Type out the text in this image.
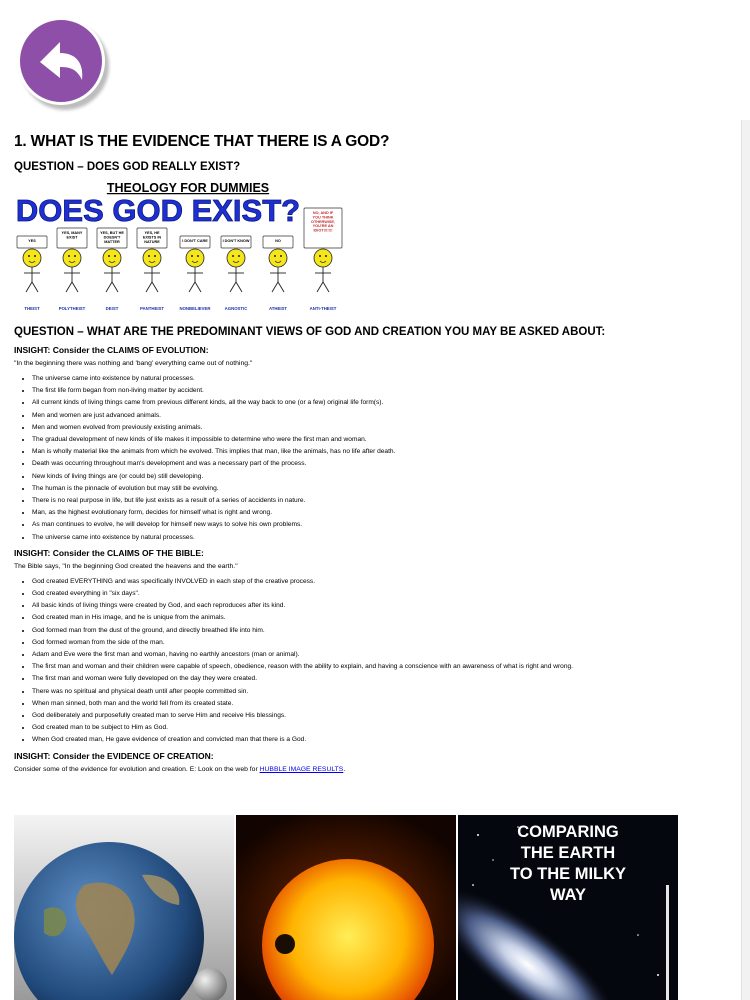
1. WHAT IS THE EVIDENCE THAT THERE IS A GOD?
QUESTION – DOES GOD REALLY EXIST?
THEOLOGY FOR DUMMIES
DOES GOD EXIST?
YES
THEIST
YES, MANY EXIST
POLYTHEIST
YES, BUT HE DOESN'T MATTER
DEIST
YES, HE EXISTS IN NATURE
PANTHEIST
I DON'T CARE
NONBELIEVER
I DON'T KNOW
AGNOSTIC
NO
ATHEIST
NO, AND IF YOU THINK OTHERWISE, YOU'RE AN IDIOT!!!!!!!
ANTI-THEIST
QUESTION – WHAT ARE THE PREDOMINANT VIEWS OF GOD AND CREATION YOU MAY BE ASKED ABOUT:
INSIGHT: Consider the CLAIMS OF EVOLUTION:
"In the beginning there was nothing and 'bang' everything came out of nothing."
• The universe came into existence by natural processes.
• The first life form began from non-living matter by accident.
• All current kinds of living things came from previous different kinds, all the way back to one (or a few) original life form(s).
• Men and women are just advanced animals.
• Men and women evolved from previously existing animals.
• The gradual development of new kinds of life makes it impossible to determine who were the first man and woman.
• Man is wholly material like the animals from which he evolved. This implies that man, like the animals, has no life after death.
• Death was occurring throughout man's development and was a necessary part of the process.
• New kinds of living things are (or could be) still developing.
• The human is the pinnacle of evolution but may still be evolving.
• There is no real purpose in life, but life just exists as a result of a series of accidents in nature.
• Man, as the highest evolutionary form, decides for himself what is right and wrong.
• As man continues to evolve, he will develop for himself new ways to solve his own problems.
• The universe came into existence by natural processes.
INSIGHT: Consider the CLAIMS OF THE BIBLE:
The Bible says, "In the beginning God created the heavens and the earth."
• God created EVERYTHING and was specifically INVOLVED in each step of the creative process.
• God created everything in "six days".
• All basic kinds of living things were created by God, and each reproduces after its kind.
• God created man in His image, and he is unique from the animals.
• God formed man from the dust of the ground, and directly breathed life into him.
• God formed woman from the side of the man.
• Adam and Eve were the first man and woman, having no earthly ancestors (man or animal).
• The first man and woman and their children were capable of speech, obedience, reason with the ability to explain, and having a conscience with an awareness of what is right and wrong.
• The first man and woman were fully developed on the day they were created.
• There was no spiritual and physical death until after people committed sin.
• When man sinned, both man and the world fell from its created state.
• God deliberately and purposefully created man to serve Him and receive His blessings.
• God created man to be subject to Him as God.
• When God created man, He gave evidence of creation and convicted man that there is a God.
INSIGHT: Consider the EVIDENCE OF CREATION:
Consider some of the evidence for evolution and creation. E: Look on the web for HUBBLE IMAGE RESULTS.
COMPARING
THE EARTH
TO THE MILKY
WAY
